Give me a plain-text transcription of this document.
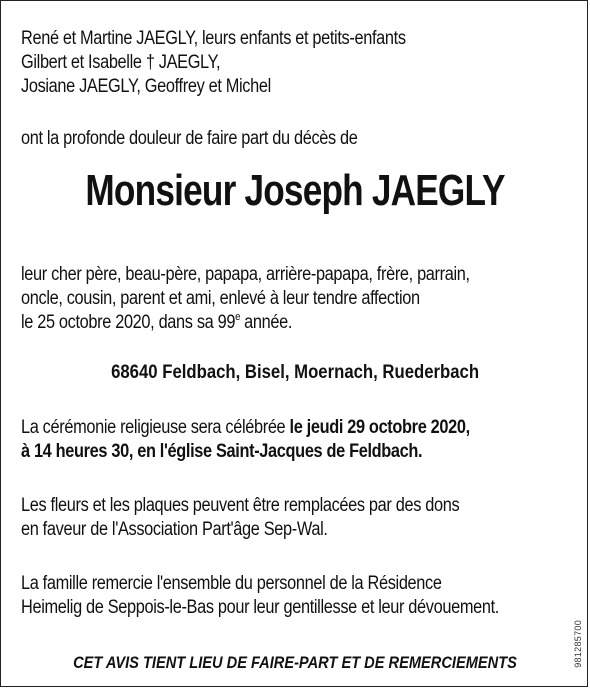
René et Martine JAEGLY, leurs enfants et petits-enfants
Gilbert et Isabelle † JAEGLY,
Josiane JAEGLY, Geoffrey et Michel
ont la profonde douleur de faire part du décès de
Monsieur Joseph JAEGLY
leur cher père, beau-père, papapa, arrière-papapa, frère, parrain,
oncle, cousin, parent et ami, enlevé à leur tendre affection
le 25 octobre 2020, dans sa 99e année.
68640 Feldbach, Bisel, Moernach, Ruederbach
La cérémonie religieuse sera célébrée le jeudi 29 octobre 2020,
à 14 heures 30, en l'église Saint-Jacques de Feldbach.
Les fleurs et les plaques peuvent être remplacées par des dons
en faveur de l'Association Part'âge Sep-Wal.
La famille remercie l'ensemble du personnel de la Résidence
Heimelig de Seppois-le-Bas pour leur gentillesse et leur dévouement.
CET AVIS TIENT LIEU DE FAIRE-PART ET DE REMERCIEMENTS	981285700
